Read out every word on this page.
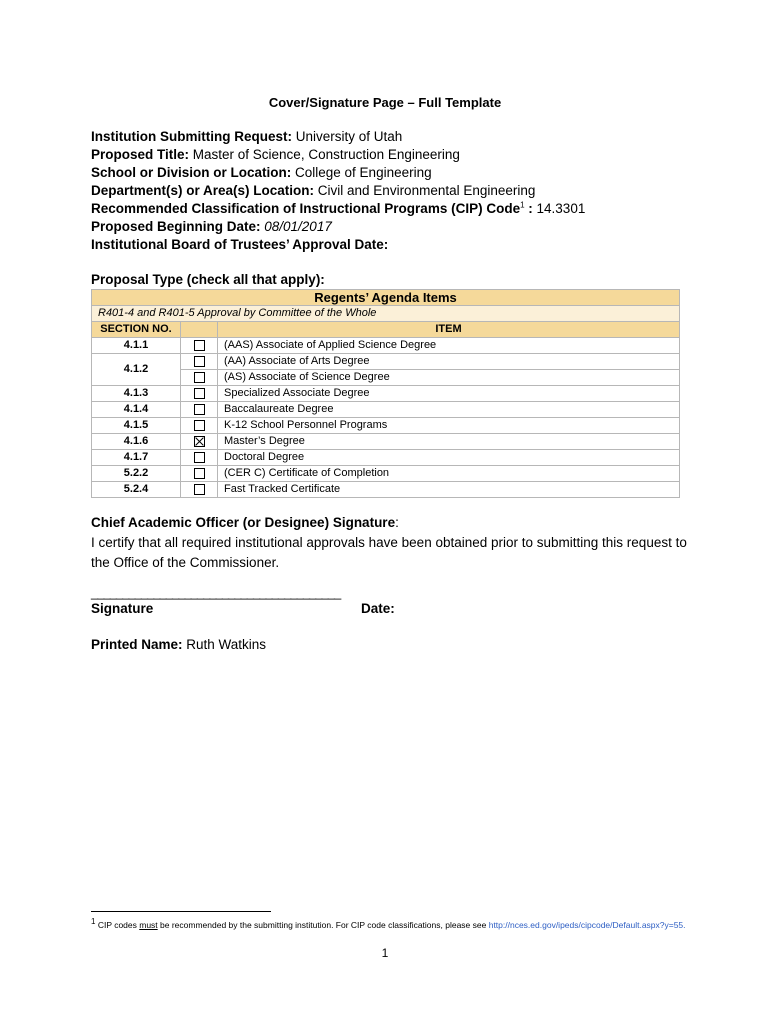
Cover/Signature Page – Full Template
Institution Submitting Request: University of Utah
Proposed Title: Master of Science, Construction Engineering
School or Division or Location: College of Engineering
Department(s) or Area(s) Location: Civil and Environmental Engineering
Recommended Classification of Instructional Programs (CIP) Code$^1$ : 14.3301
Proposed Beginning Date: 08/01/2017
Institutional Board of Trustees’ Approval Date:
Proposal Type (check all that apply):
Regents’ Agenda Items		
R401-4 and R401-5 Approval by Committee of the Whole		
SECTION NO.		ITEM
4.1.1		(AAS) Associate of Applied Science Degree
4.1.2		(AA) Associate of Arts Degree
		(AS) Associate of Science Degree
4.1.3		Specialized Associate Degree
4.1.4		Baccalaureate Degree
4.1.5		K-12 School Personnel Programs
4.1.6		Master’s Degree
4.1.7		Doctoral Degree
5.2.2		(CER C) Certificate of Completion
5.2.4		Fast Tracked Certificate
Chief Academic Officer (or Designee) Signature:
I certify that all required institutional approvals have been obtained prior to submitting this request to the Office of the Commissioner.
________________________________________
Signature	Date:
Printed Name: Ruth Watkins
$^1$ CIP codes must be recommended by the submitting institution. For CIP code classifications, please see http://nces.ed.gov/ipeds/cipcode/Default.aspx?y=55.
1
